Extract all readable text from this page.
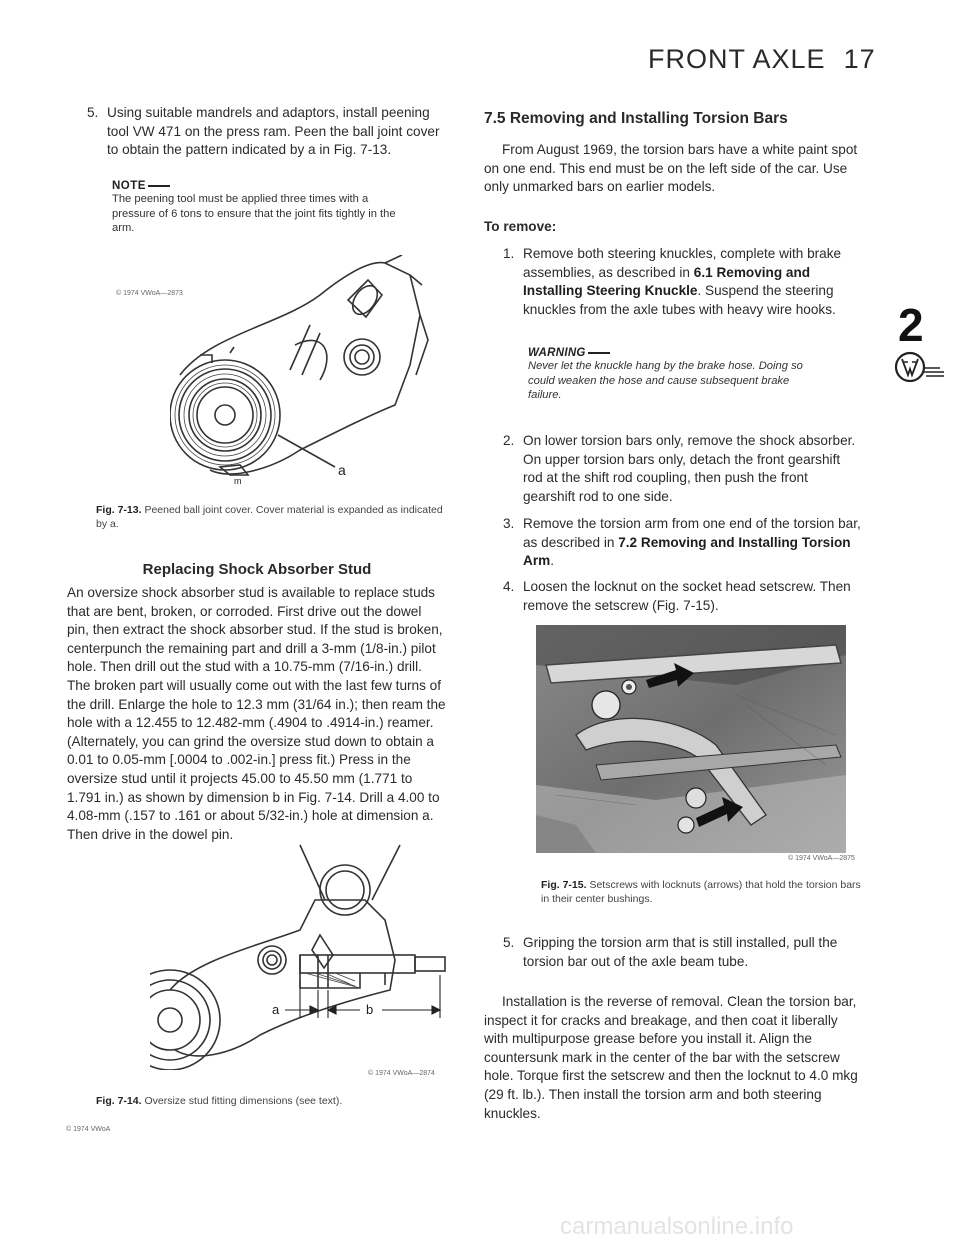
FRONT AXLE 17
5. Using suitable mandrels and adaptors, install peening tool VW 471 on the press ram. Peen the ball joint cover to obtain the pattern indicated by a in Fig. 7-13.
NOTE
The peening tool must be applied three times with a pressure of 6 tons to ensure that the joint fits tightly in the arm.
© 1974 VWoA—2873
a
m
Fig. 7-13. Peened ball joint cover. Cover material is expanded as indicated by a.
Replacing Shock Absorber Stud
An oversize shock absorber stud is available to replace studs that are bent, broken, or corroded. First drive out the dowel pin, then extract the shock absorber stud. If the stud is broken, centerpunch the remaining part and drill a 3-mm (1/8-in.) pilot hole. Then drill out the stud with a 10.75-mm (7/16-in.) drill. The broken part will usually come out with the last few turns of the drill. Enlarge the hole to 12.3 mm (31/64 in.); then ream the hole with a 12.455 to 12.482-mm (.4904 to .4914-in.) reamer. (Alternately, you can grind the oversize stud down to obtain a 0.01 to 0.05-mm [.0004 to .002-in.] press fit.) Press in the oversize stud until it projects 45.00 to 45.50 mm (1.771 to 1.791 in.) as shown by dimension b in Fig. 7-14. Drill a 4.00 to 4.08-mm (.157 to .161 or about 5/32-in.) hole at dimension a. Then drive in the dowel pin.
a	b
© 1974 VWoA—2874
Fig. 7-14. Oversize stud fitting dimensions (see text).
© 1974 VWoA
7.5 Removing and Installing Torsion Bars
From August 1969, the torsion bars have a white paint spot on one end. This end must be on the left side of the car. Use only unmarked bars on earlier models.
To remove:
1. Remove both steering knuckles, complete with brake assemblies, as described in 6.1 Removing and Installing Steering Knuckle. Suspend the steering knuckles from the axle tubes with heavy wire hooks.
WARNING
Never let the knuckle hang by the brake hose. Doing so could weaken the hose and cause subsequent brake failure.
2. On lower torsion bars only, remove the shock absorber. On upper torsion bars only, detach the front gearshift rod at the shift rod coupling, then push the front gearshift rod to one side.
3. Remove the torsion arm from one end of the torsion bar, as described in 7.2 Removing and Installing Torsion Arm.
4. Loosen the locknut on the socket head setscrew. Then remove the setscrew (Fig. 7-15).
© 1974 VWoA—2875
Fig. 7-15. Setscrews with locknuts (arrows) that hold the torsion bars in their center bushings.
5. Gripping the torsion arm that is still installed, pull the torsion bar out of the axle beam tube.
Installation is the reverse of removal. Clean the torsion bar, inspect it for cracks and breakage, and then coat it liberally with multipurpose grease before you install it. Align the countersunk mark in the center of the bar with the setscrew hole. Torque first the setscrew and then the locknut to 4.0 mkg (29 ft. lb.). Then install the torsion arm and both steering knuckles.
2
carmanualsonline.info
